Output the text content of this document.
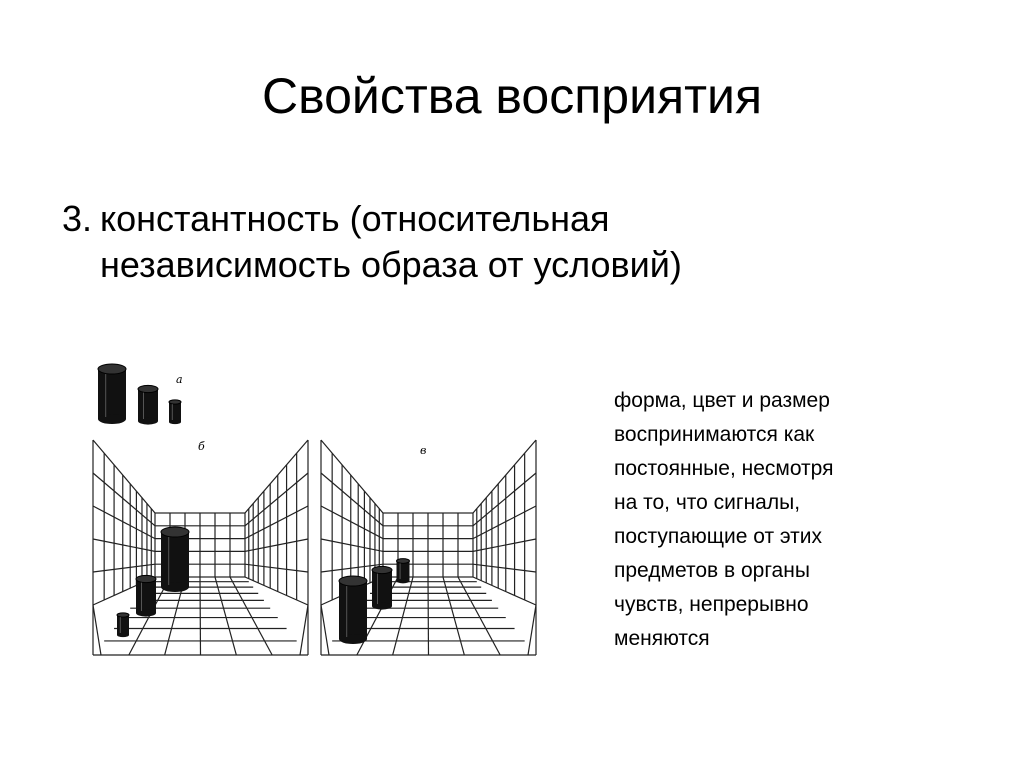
Свойства восприятия
3. константность (относительная
независимость образа от условий)
а
б	в
форма, цвет и размер
воспринимаются как
постоянные, несмотря
на то, что сигналы,
поступающие от этих
предметов в органы
чувств, непрерывно
меняются
